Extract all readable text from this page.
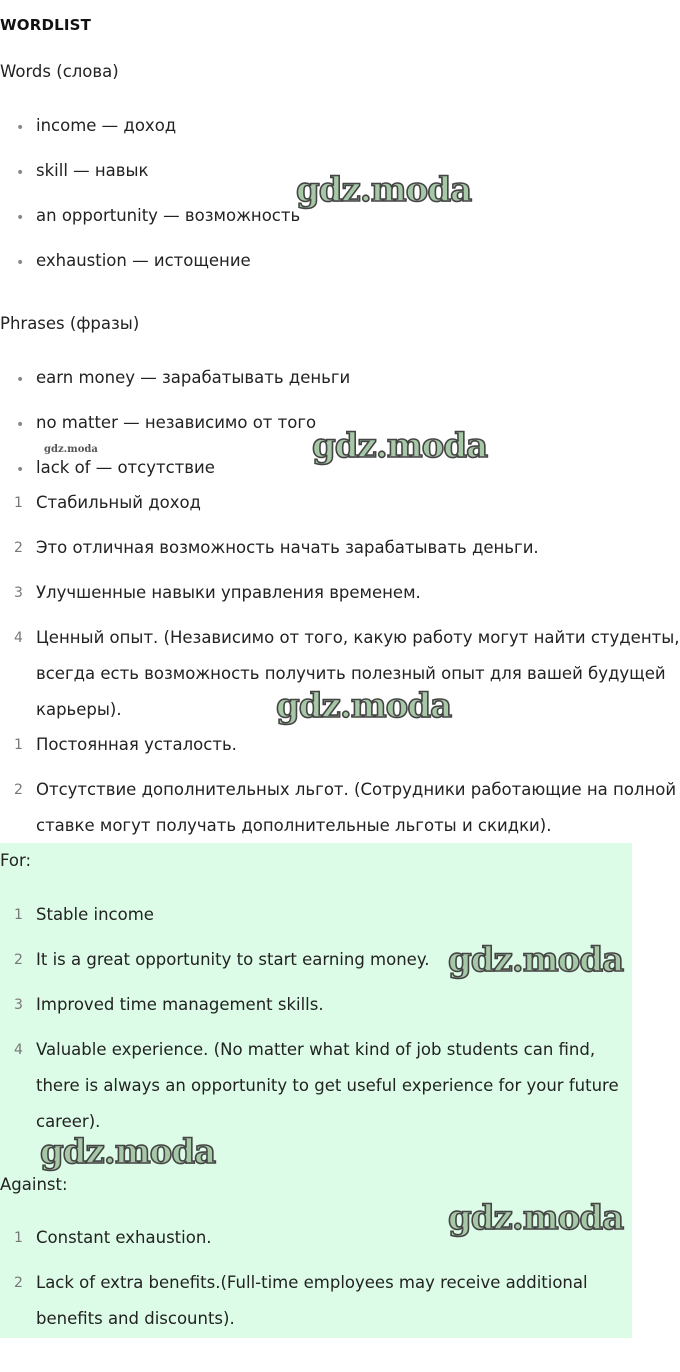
WORDLIST
Words (слова)
• income — доход
• skill — навык
• an opportunity — возможность
• exhaustion — истощение
Phrases (фразы)
• earn money — зарабатывать деньги
• no matter — независимо от того
• lack of — отсутствие
1 Стабильный доход
2 Это отличная возможность начать зарабатывать деньги.
3 Улучшенные навыки управления временем.
4 Ценный опыт. (Независимо от того, какую работу могут найти студенты,
всегда есть возможность получить полезный опыт для вашей будущей
карьеры).
1 Постоянная усталость.
2 Отсутствие дополнительных льгот. (Сотрудники работающие на полной
ставке могут получать дополнительные льготы и скидки).
For:
1 Stable income
2 It is a great opportunity to start earning money.
3 Improved time management skills.
4 Valuable experience. (No matter what kind of job students can find,
there is always an opportunity to get useful experience for your future
career).
Against:
1 Constant exhaustion.
2 Lack of extra benefits.(Full-time employees may receive additional
benefits and discounts).
gdz.moda
gdz.moda	gdz.moda
gdz.moda
gdz.moda
gdz.moda
gdz.moda
